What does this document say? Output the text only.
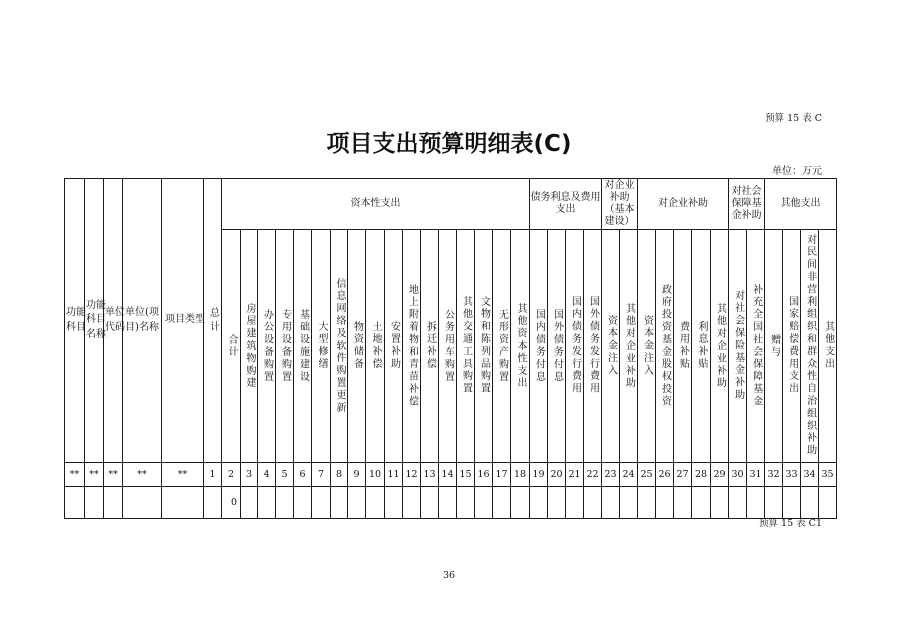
预算 15 表 C
项目支出预算明细表(C)
单位：万元
功能科目	功能科目名称	单位代码	单位(项目)名称	项目类型	总计	资本性支出																	债务利息及费用支出				对企业补助（基本建设）		对企业补助					对社会保障基金补助		其他支出			

						合计	房屋建筑物购建	办公设备购置	专用设备购置	基础设施建设	大型修缮	信息网络及软件购置更新	物资储备	土地补偿	安置补助	地上附着物和青苗补偿	拆迁补偿	公务用车购置	其他交通工具购置	文物和陈列品购置	无形资产购置	其他资本性支出	国内债务付息	国外债务付息	国内债务发行费用	国外债务发行费用	资本金注入	其他对企业补助	资本金注入	政府投资基金股权投资	费用补贴	利息补贴	其他对企业补助	对社会保险基金补助	补充全国社会保障基金	赠与	国家赔偿费用支出	对民间非营利组织和群众性自治组织补助	其他支出

**	**	**	**	**	1	2	3	4	5	6	7	8	9	10	11	12	13	14	15	16	17	18	19	20	21	22	23	24	25	26	27	28	29	30	31	32	33	34	35
						0																																	
预算 15 表 C1
36
